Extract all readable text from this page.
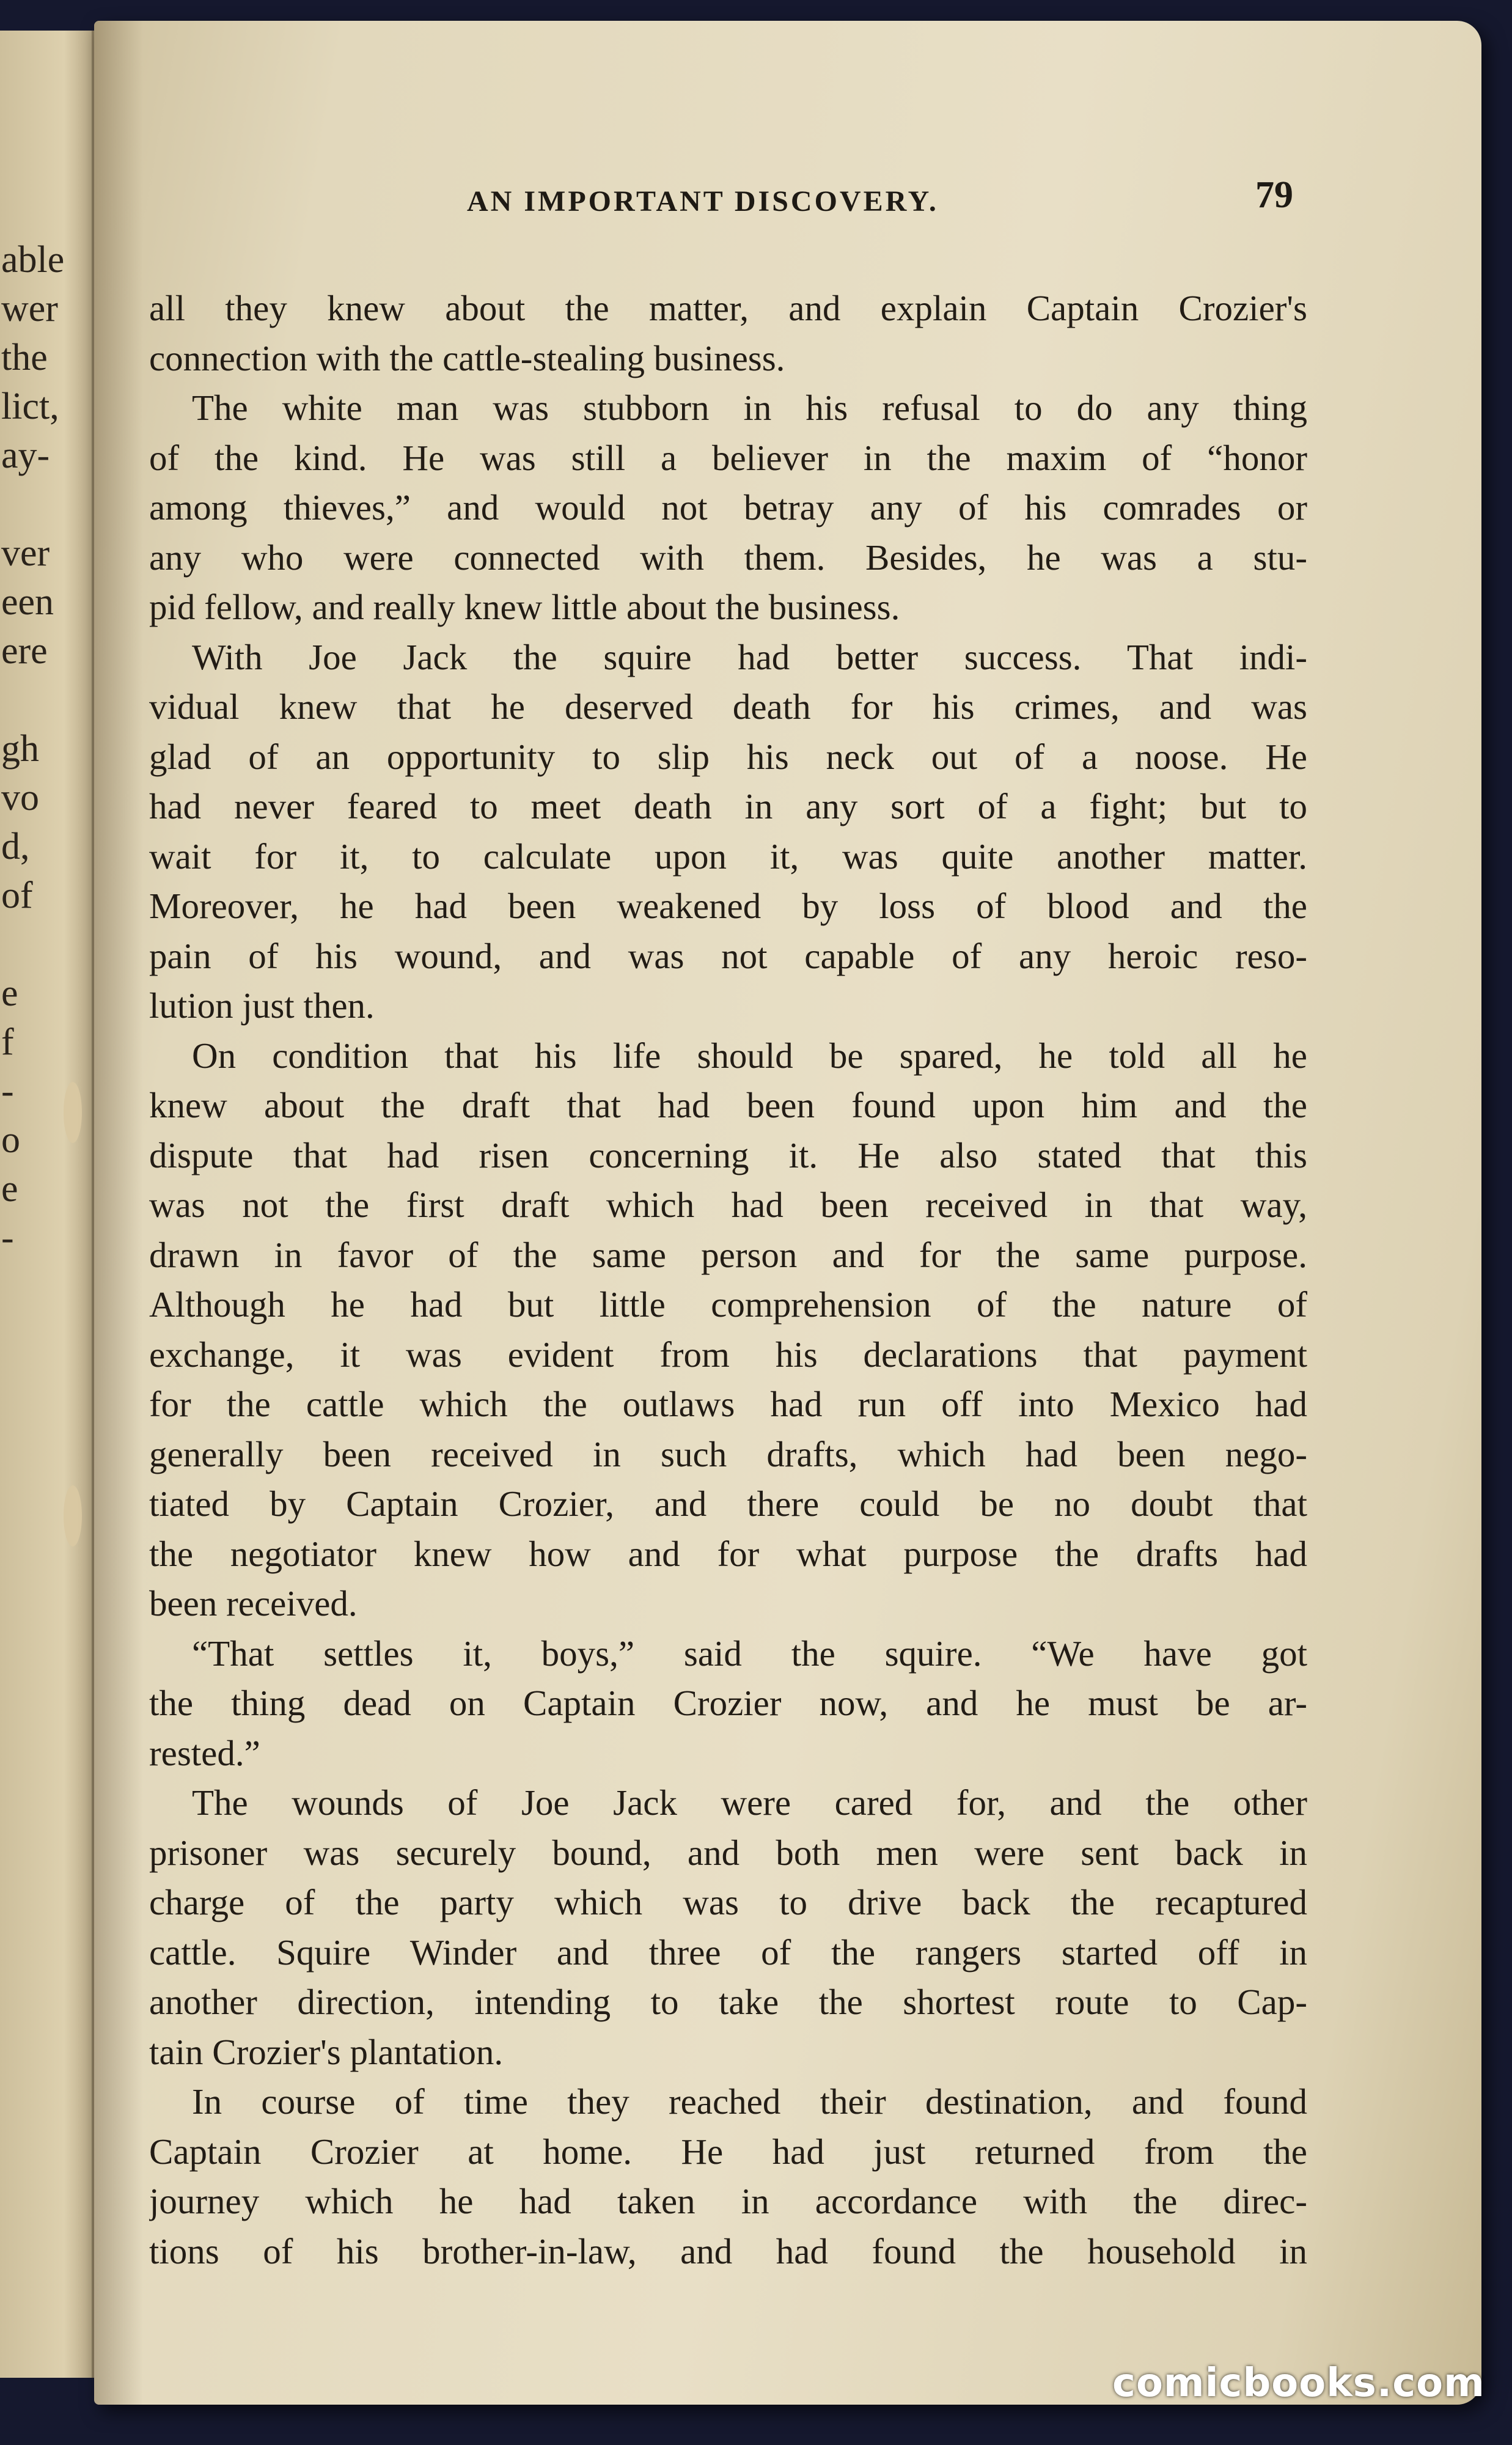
able
wer
the
lict,
ay-
ver
een
ere
gh
vo
d,
of
e
f
-
o
e
-
AN IMPORTANT DISCOVERY.	79
all they knew about the matter, and explain Captain Crozier's
connection with the cattle-stealing business.
The white man was stubborn in his refusal to do any thing
of the kind. He was still a believer in the maxim of “honor
among thieves,” and would not betray any of his comrades or
any who were connected with them. Besides, he was a stu-
pid fellow, and really knew little about the business.
With Joe Jack the squire had better success. That indi-
vidual knew that he deserved death for his crimes, and was
glad of an opportunity to slip his neck out of a noose. He
had never feared to meet death in any sort of a fight; but to
wait for it, to calculate upon it, was quite another matter.
Moreover, he had been weakened by loss of blood and the
pain of his wound, and was not capable of any heroic reso-
lution just then.
On condition that his life should be spared, he told all he
knew about the draft that had been found upon him and the
dispute that had risen concerning it. He also stated that this
was not the first draft which had been received in that way,
drawn in favor of the same person and for the same purpose.
Although he had but little comprehension of the nature of
exchange, it was evident from his declarations that payment
for the cattle which the outlaws had run off into Mexico had
generally been received in such drafts, which had been nego-
tiated by Captain Crozier, and there could be no doubt that
the negotiator knew how and for what purpose the drafts had
been received.
“That settles it, boys,” said the squire. “We have got
the thing dead on Captain Crozier now, and he must be ar-
rested.”
The wounds of Joe Jack were cared for, and the other
prisoner was securely bound, and both men were sent back in
charge of the party which was to drive back the recaptured
cattle. Squire Winder and three of the rangers started off in
another direction, intending to take the shortest route to Cap-
tain Crozier's plantation.
In course of time they reached their destination, and found
Captain Crozier at home. He had just returned from the
journey which he had taken in accordance with the direc-
tions of his brother-in-law, and had found the household in
comicbooks.com
